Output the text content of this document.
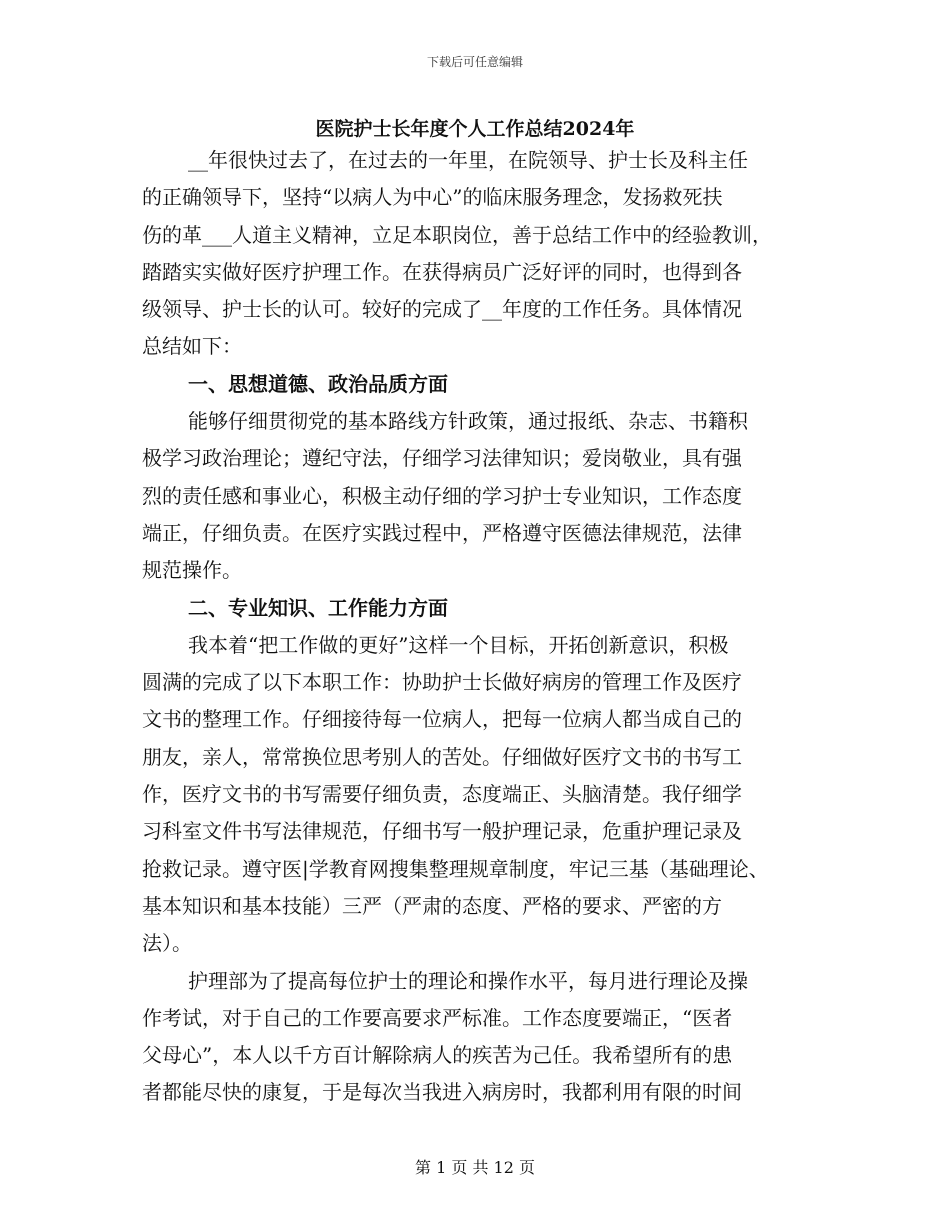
下载后可任意编辑
医院护士长年度个人工作总结2024年
__年很快过去了，在过去的一年里，在院领导、护士长及科主任
的正确领导下，坚持“以病人为中心”的临床服务理念，发扬救死扶
伤的革___人道主义精神，立足本职岗位，善于总结工作中的经验教训，
踏踏实实做好医疗护理工作。在获得病员广泛好评的同时，也得到各
级领导、护士长的认可。较好的完成了__年度的工作任务。具体情况
总结如下：
一、思想道德、政治品质方面
能够仔细贯彻党的基本路线方针政策，通过报纸、杂志、书籍积
极学习政治理论；遵纪守法，仔细学习法律知识；爱岗敬业，具有强
烈的责任感和事业心，积极主动仔细的学习护士专业知识，工作态度
端正，仔细负责。在医疗实践过程中，严格遵守医德法律规范，法律
规范操作。
二、专业知识、工作能力方面
我本着“把工作做的更好”这样一个目标，开拓创新意识，积极
圆满的完成了以下本职工作：协助护士长做好病房的管理工作及医疗
文书的整理工作。仔细接待每一位病人，把每一位病人都当成自己的
朋友，亲人，常常换位思考别人的苦处。仔细做好医疗文书的书写工
作，医疗文书的书写需要仔细负责，态度端正、头脑清楚。我仔细学
习科室文件书写法律规范，仔细书写一般护理记录，危重护理记录及
抢救记录。遵守医|学教育网搜集整理规章制度，牢记三基（基础理论、
基本知识和基本技能）三严（严肃的态度、严格的要求、严密的方
法）。
护理部为了提高每位护士的理论和操作水平，每月进行理论及操
作考试，对于自己的工作要高要求严标准。工作态度要端正，“医者
父母心”，本人以千方百计解除病人的疾苦为己任。我希望所有的患
者都能尽快的康复，于是每次当我进入病房时，我都利用有限的时间
第 1 页 共 12 页
